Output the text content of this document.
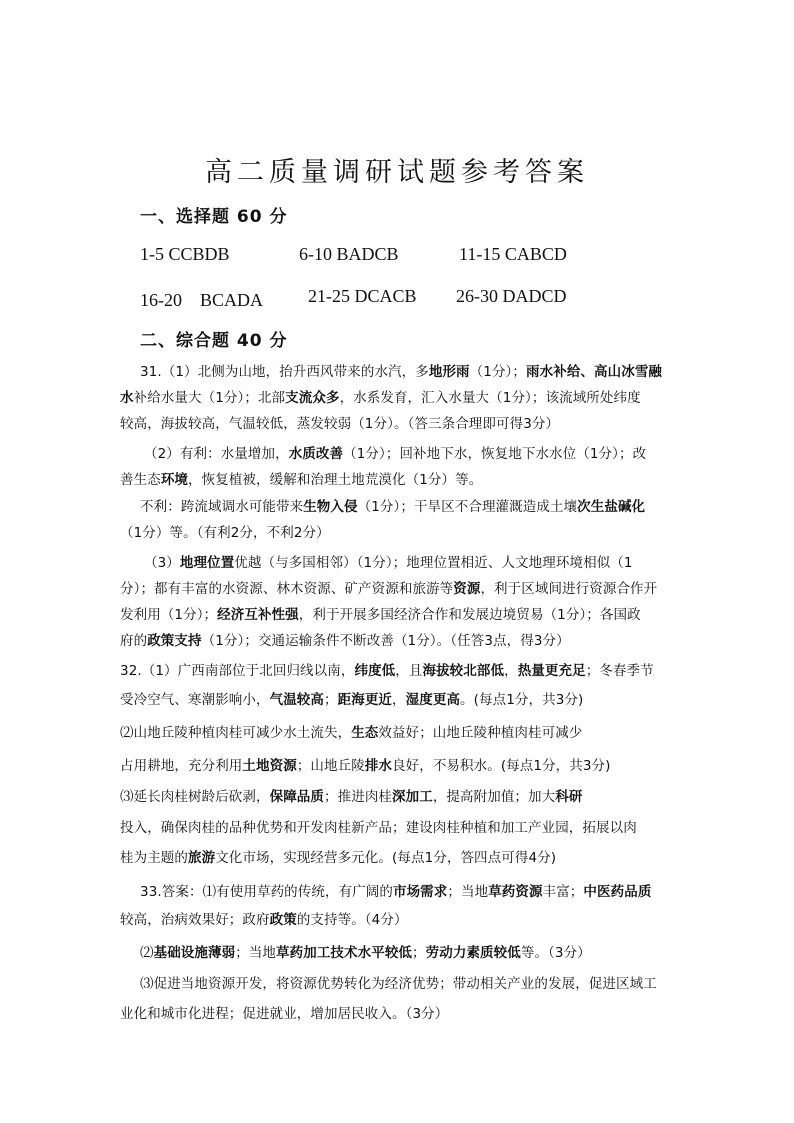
高二质量调研试题参考答案
一、选择题 60 分
1-5 CCBDB	6-10 BADCB	11-15 CABCD
16-20　BCADA 21-25 DCACB 26-30 DADCD
二、综合题 40 分
31.（1）北侧为山地，抬升西风带来的水汽，多地形雨（1分）；雨水补给、高山冰雪融
水补给水量大（1分）；北部支流众多，水系发育，汇入水量大（1分）；该流域所处纬度
较高，海拔较高，气温较低，蒸发较弱（1分）。（答三条合理即可得3分）
（2）有利：水量增加，水质改善（1分）；回补地下水，恢复地下水水位（1分）；改
善生态环境，恢复植被，缓解和治理土地荒漠化（1分）等。
不利：跨流域调水可能带来生物入侵（1分）；干旱区不合理灌溉造成土壤次生盐碱化
（1分）等。（有利2分，不利2分）
（3）地理位置优越（与多国相邻）（1分）；地理位置相近、人文地理环境相似（1
分）；都有丰富的水资源、林木资源、矿产资源和旅游等资源，利于区域间进行资源合作开
发利用（1分）；经济互补性强，利于开展多国经济合作和发展边境贸易（1分）；各国政
府的政策支持（1分）；交通运输条件不断改善（1分）。（任答3点，得3分）
32.（1）广西南部位于北回归线以南，纬度低，且海拔较北部低，热量更充足；冬春季节
受冷空气、寒潮影响小，气温较高；距海更近，湿度更高。(每点1分，共3分)
⑵山地丘陵种植肉桂可减少水土流失，生态效益好；山地丘陵种植肉桂可减少
占用耕地，充分利用土地资源；山地丘陵排水良好，不易积水。(每点1分，共3分)
⑶延长肉桂树龄后砍剥，保障品质；推进肉桂深加工，提高附加值；加大科研
投入，确保肉桂的品种优势和开发肉桂新产品；建设肉桂种植和加工产业园，拓展以肉
桂为主题的旅游文化市场，实现经营多元化。(每点1分，答四点可得4分)
33.答案：⑴有使用草药的传统，有广阔的市场需求；当地草药资源丰富；中医药品质
较高，治病效果好；政府政策的支持等。（4分）
⑵基础设施薄弱；当地草药加工技术水平较低；劳动力素质较低等。（3分）
⑶促进当地资源开发，将资源优势转化为经济优势；带动相关产业的发展，促进区域工
业化和城市化进程；促进就业，增加居民收入。（3分）
